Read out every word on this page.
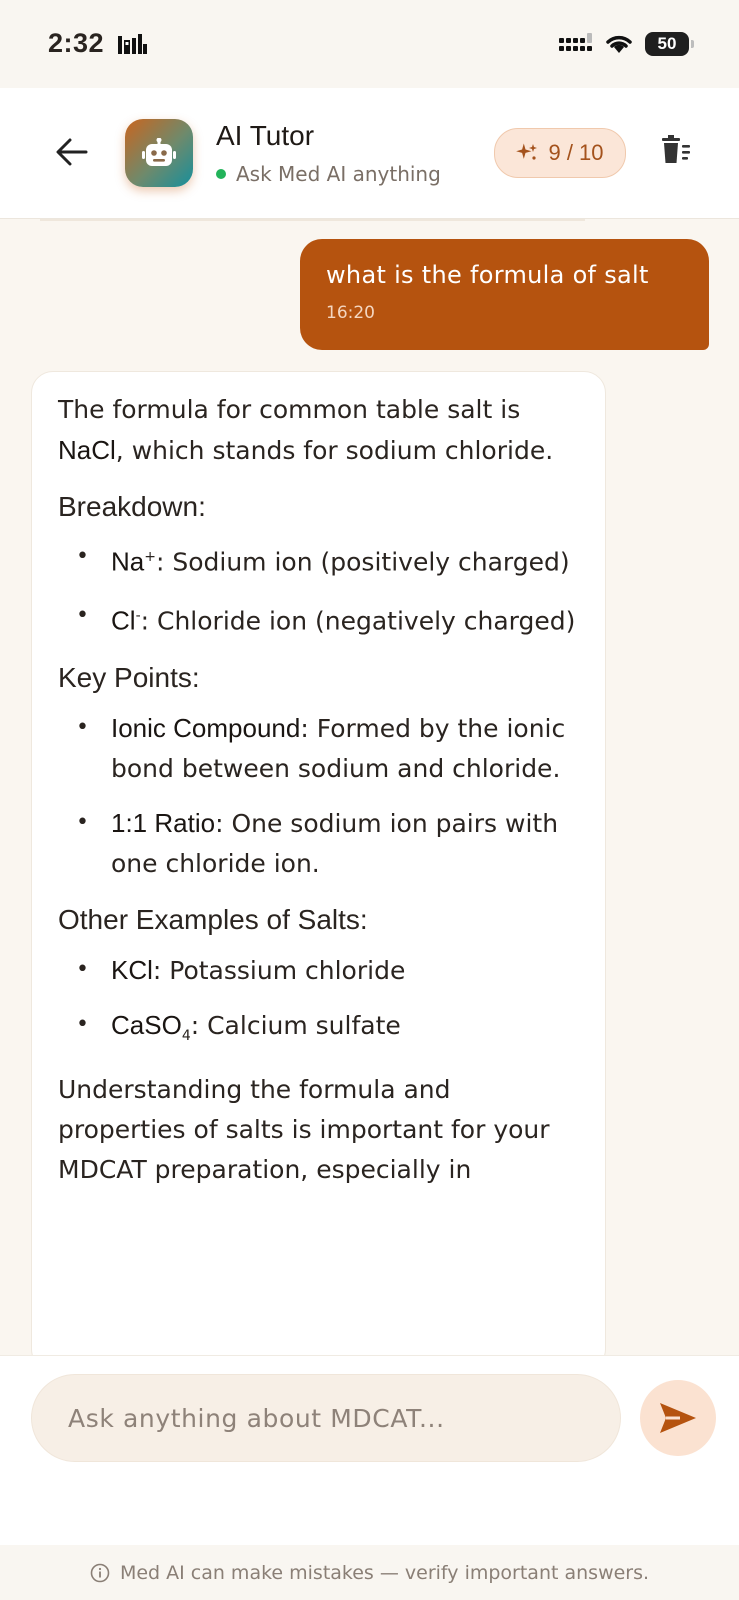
2:32	50
AI Tutor
Ask Med AI anything
9 / 10
what is the formula of salt
16:20

The formula for common table salt is NaCl, which stands for sodium chloride.

Breakdown:
• Na+: Sodium ion (positively charged)
• Cl-: Chloride ion (negatively charged)
Key Points:
• Ionic Compound: Formed by the ionic bond between sodium and chloride.
• 1:1 Ratio: One sodium ion pairs with one chloride ion.
Other Examples of Salts:
• KCl: Potassium chloride
• CaSO$_4$: Calcium sulfate

Understanding the formula and properties of salts is important for your MDCAT preparation, especially in

Ask anything about MDCAT...
Med AI can make mistakes — verify important answers.
